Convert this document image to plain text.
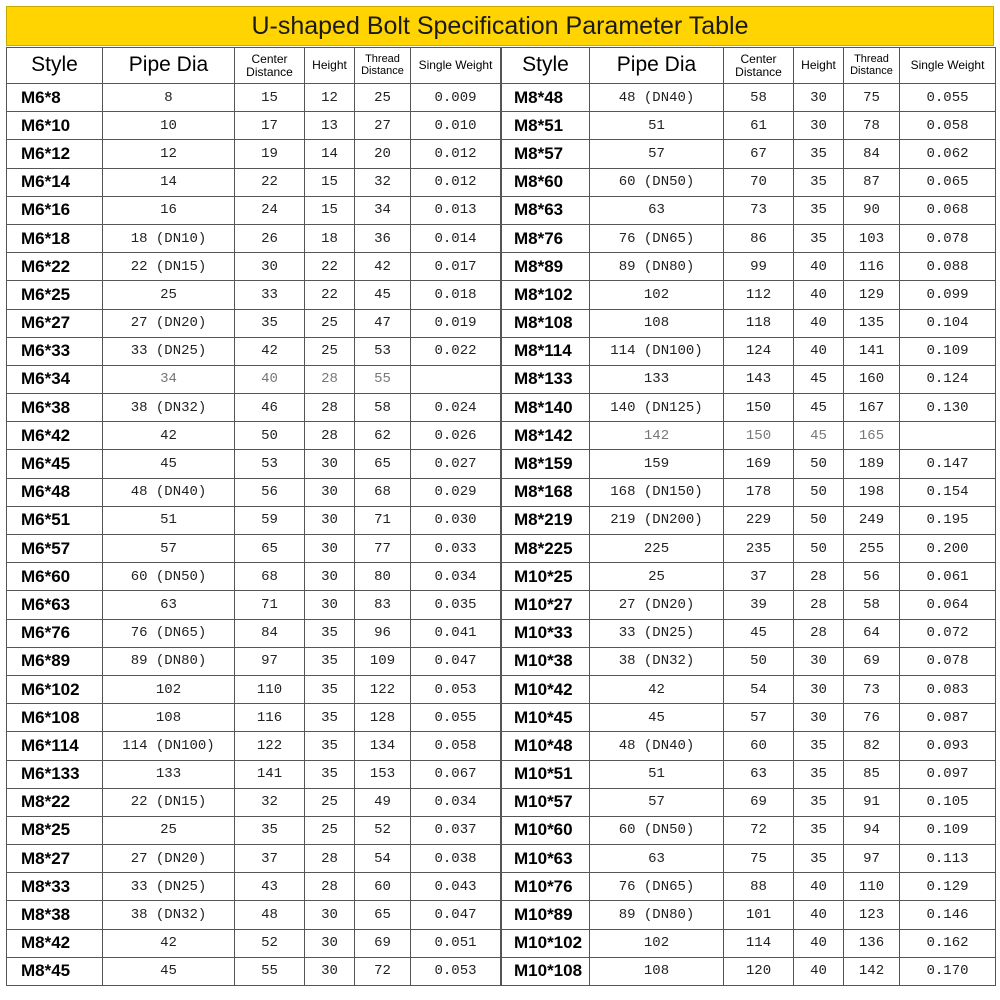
U-shaped Bolt Specification Parameter Table
Style	Pipe Dia	Center Distance	Height	Thread Distance	Single Weight
M6*8	8	15	12	25	0.009
M6*10	10	17	13	27	0.010
M6*12	12	19	14	20	0.012
M6*14	14	22	15	32	0.012
M6*16	16	24	15	34	0.013
M6*18	18 (DN10)	26	18	36	0.014
M6*22	22 (DN15)	30	22	42	0.017
M6*25	25	33	22	45	0.018
M6*27	27 (DN20)	35	25	47	0.019
M6*33	33 (DN25)	42	25	53	0.022
M6*34	34	40	28	55	
M6*38	38 (DN32)	46	28	58	0.024
M6*42	42	50	28	62	0.026
M6*45	45	53	30	65	0.027
M6*48	48 (DN40)	56	30	68	0.029
M6*51	51	59	30	71	0.030
M6*57	57	65	30	77	0.033
M6*60	60 (DN50)	68	30	80	0.034
M6*63	63	71	30	83	0.035
M6*76	76 (DN65)	84	35	96	0.041
M6*89	89 (DN80)	97	35	109	0.047
M6*102	102	110	35	122	0.053
M6*108	108	116	35	128	0.055
M6*114	114 (DN100)	122	35	134	0.058
M6*133	133	141	35	153	0.067
M8*22	22 (DN15)	32	25	49	0.034
M8*25	25	35	25	52	0.037
M8*27	27 (DN20)	37	28	54	0.038
M8*33	33 (DN25)	43	28	60	0.043
M8*38	38 (DN32)	48	30	65	0.047
M8*42	42	52	30	69	0.051
M8*45	45	55	30	72	0.053
Style	Pipe Dia	Center Distance	Height	Thread Distance	Single Weight
M8*48	48 (DN40)	58	30	75	0.055
M8*51	51	61	30	78	0.058
M8*57	57	67	35	84	0.062
M8*60	60 (DN50)	70	35	87	0.065
M8*63	63	73	35	90	0.068
M8*76	76 (DN65)	86	35	103	0.078
M8*89	89 (DN80)	99	40	116	0.088
M8*102	102	112	40	129	0.099
M8*108	108	118	40	135	0.104
M8*114	114 (DN100)	124	40	141	0.109
M8*133	133	143	45	160	0.124
M8*140	140 (DN125)	150	45	167	0.130
M8*142	142	150	45	165	
M8*159	159	169	50	189	0.147
M8*168	168 (DN150)	178	50	198	0.154
M8*219	219 (DN200)	229	50	249	0.195
M8*225	225	235	50	255	0.200
M10*25	25	37	28	56	0.061
M10*27	27 (DN20)	39	28	58	0.064
M10*33	33 (DN25)	45	28	64	0.072
M10*38	38 (DN32)	50	30	69	0.078
M10*42	42	54	30	73	0.083
M10*45	45	57	30	76	0.087
M10*48	48 (DN40)	60	35	82	0.093
M10*51	51	63	35	85	0.097
M10*57	57	69	35	91	0.105
M10*60	60 (DN50)	72	35	94	0.109
M10*63	63	75	35	97	0.113
M10*76	76 (DN65)	88	40	110	0.129
M10*89	89 (DN80)	101	40	123	0.146
M10*102	102	114	40	136	0.162
M10*108	108	120	40	142	0.170
